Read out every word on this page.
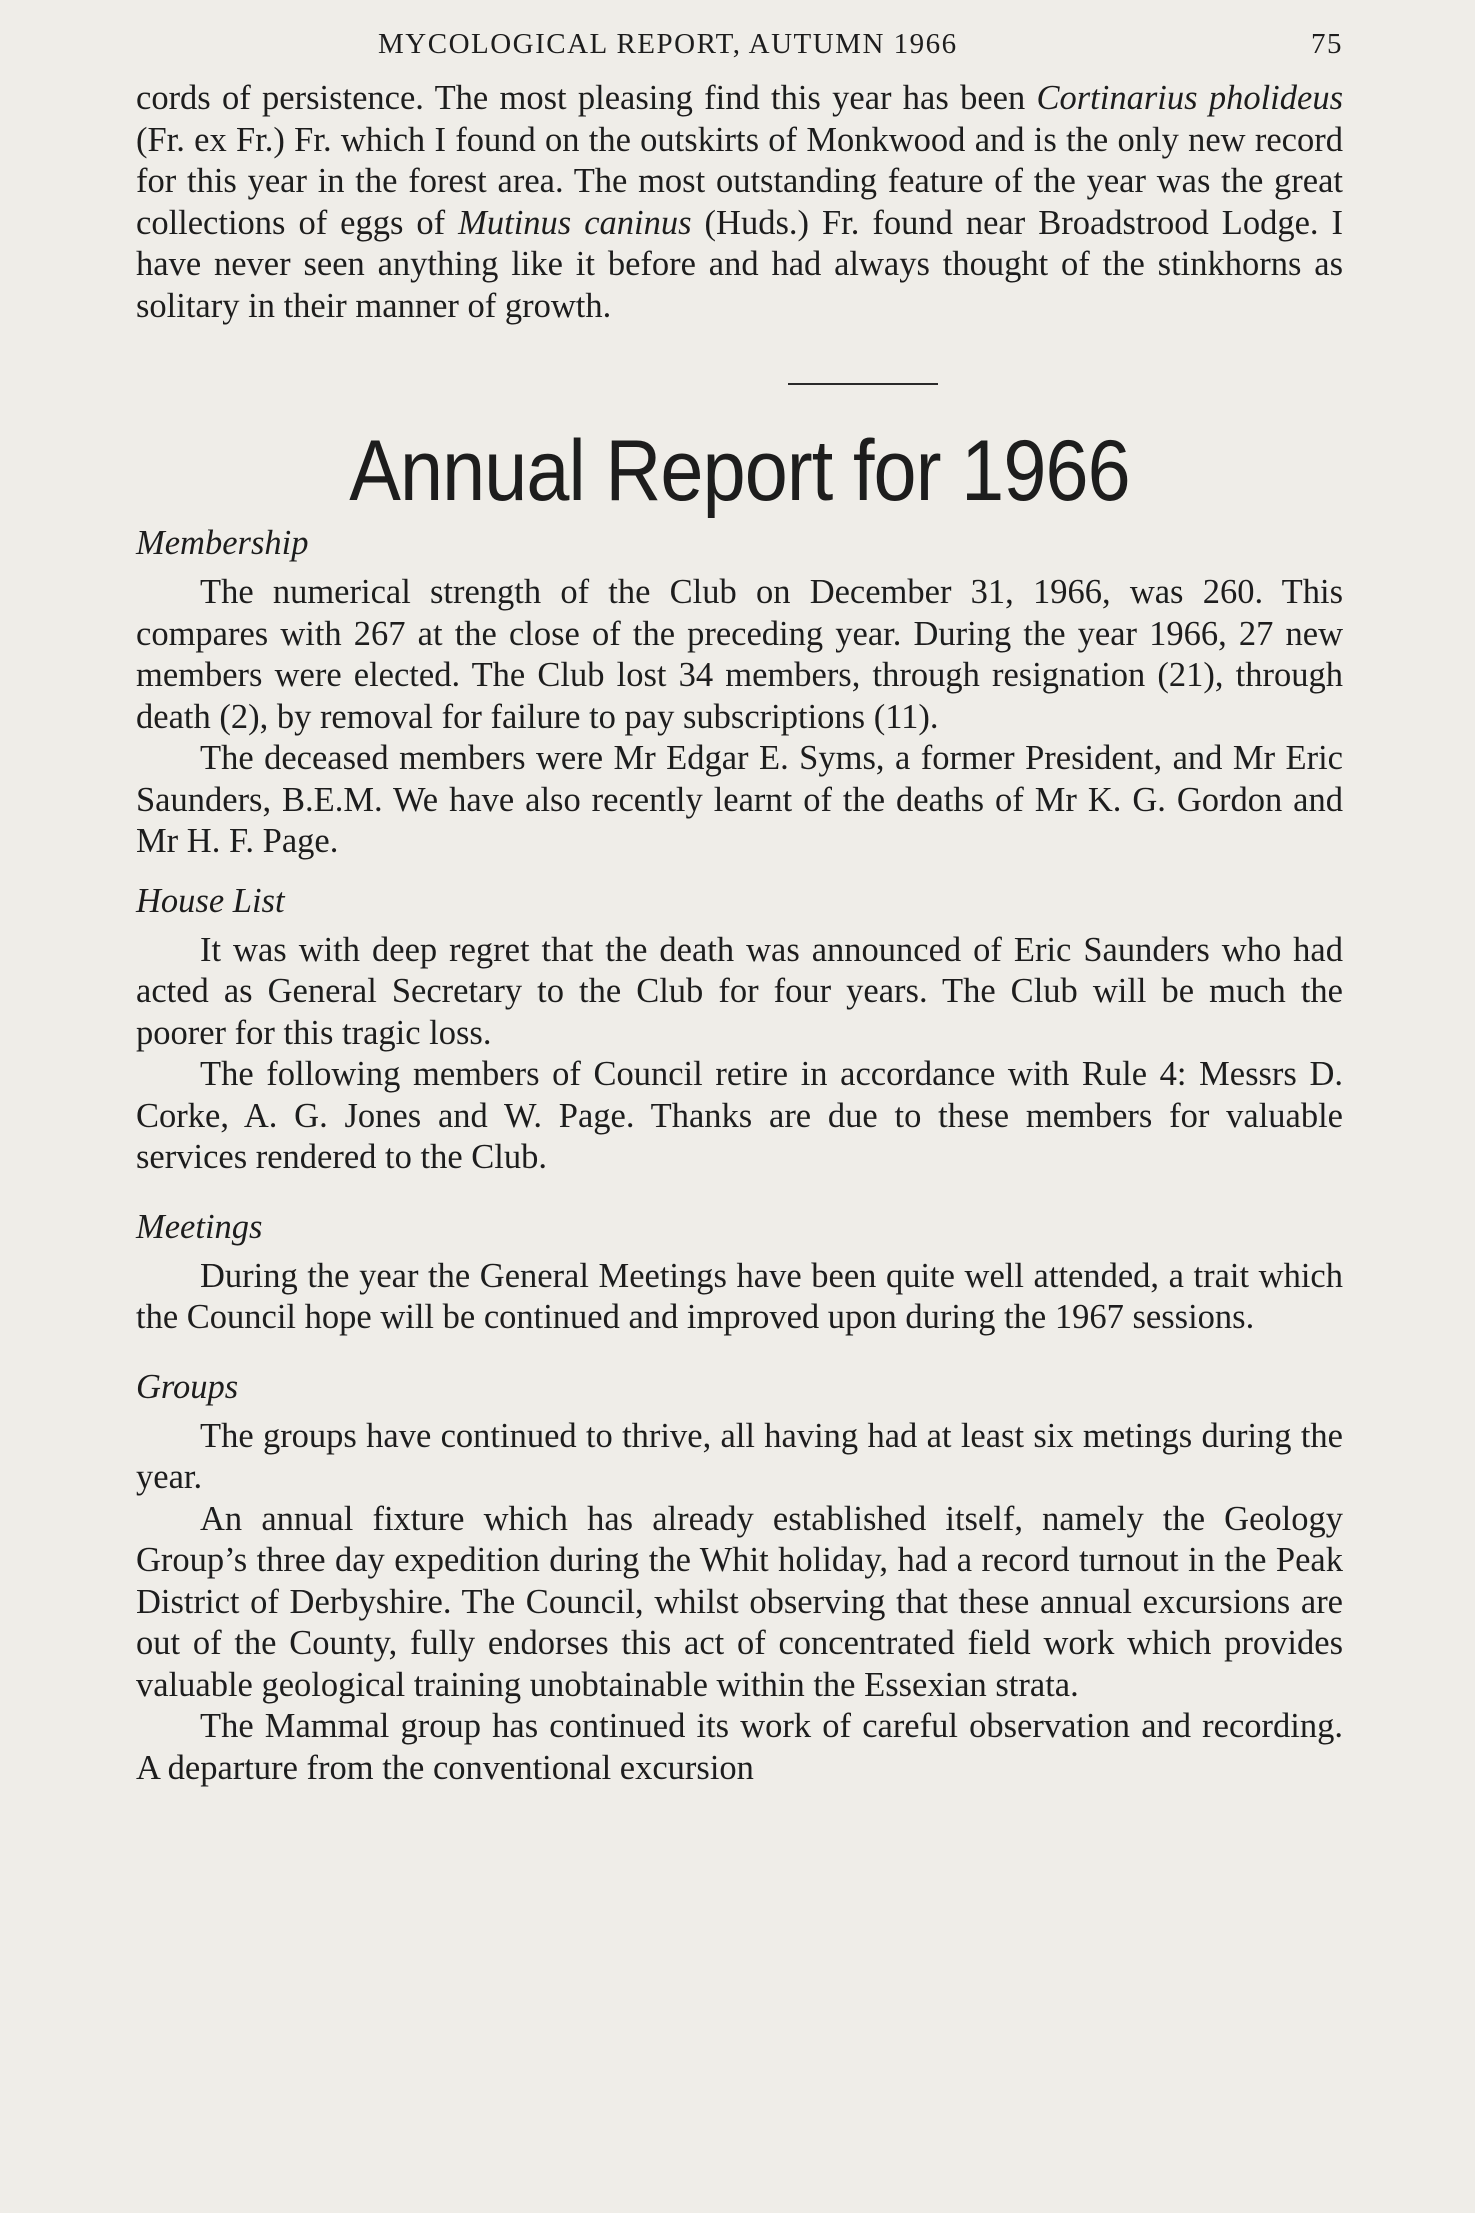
MYCOLOGICAL REPORT, AUTUMN 1966	75

cords of persistence. The most pleasing find this year has been Cortinarius pholideus (Fr. ex Fr.) Fr. which I found on the outskirts of Monkwood and is the only new record for this year in the forest area. The most outstanding feature of the year was the great collections of eggs of Mutinus caninus (Huds.) Fr. found near Broadstrood Lodge. I have never seen anything like it before and had always thought of the stinkhorns as solitary in their manner of growth.

Annual Report for 1966
Membership

The numerical strength of the Club on December 31, 1966, was 260. This compares with 267 at the close of the preceding year. During the year 1966, 27 new members were elected. The Club lost 34 members, through resignation (21), through death (2), by removal for failure to pay subscriptions (11).

The deceased members were Mr Edgar E. Syms, a former President, and Mr Eric Saunders, B.E.M. We have also recently learnt of the deaths of Mr K. G. Gordon and Mr H. F. Page.

House List

It was with deep regret that the death was announced of Eric Saunders who had acted as General Secretary to the Club for four years. The Club will be much the poorer for this tragic loss.

The following members of Council retire in accordance with Rule 4: Messrs D. Corke, A. G. Jones and W. Page. Thanks are due to these members for valuable services rendered to the Club.

Meetings

During the year the General Meetings have been quite well attended, a trait which the Council hope will be continued and improved upon during the 1967 sessions.

Groups

The groups have continued to thrive, all having had at least six metings during the year.

An annual fixture which has already established itself, namely the Geology Group’s three day expedition during the Whit holiday, had a record turnout in the Peak District of Derbyshire. The Council, whilst observing that these annual excursions are out of the County, fully endorses this act of concentrated field work which provides valuable geological training unobtainable within the Essexian strata.

The Mammal group has continued its work of careful observation and recording. A departure from the conventional excursion
